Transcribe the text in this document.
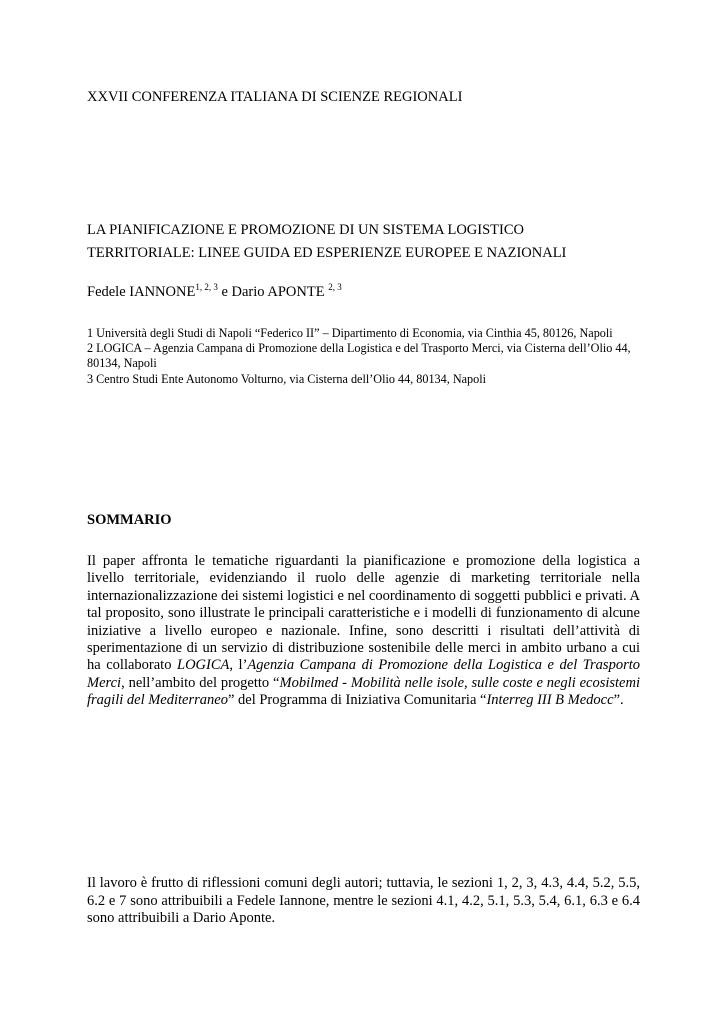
XXVII CONFERENZA ITALIANA DI SCIENZE REGIONALI

LA PIANIFICAZIONE E PROMOZIONE DI UN SISTEMA LOGISTICO
TERRITORIALE: LINEE GUIDA ED ESPERIENZE EUROPEE E NAZIONALI

Fedele IANNONE$^{1, 2, 3}$ e Dario APONTE $^{2, 3}$

1 Università degli Studi di Napoli “Federico II” – Dipartimento di Economia, via Cinthia 45, 80126, Napoli
2 LOGICA – Agenzia Campana di Promozione della Logistica e del Trasporto Merci, via Cisterna dell’Olio 44, 80134, Napoli
3 Centro Studi Ente Autonomo Volturno, via Cisterna dell’Olio 44, 80134, Napoli
SOMMARIO

Il paper affronta le tematiche riguardanti la pianificazione e promozione della logistica a livello territoriale, evidenziando il ruolo delle agenzie di marketing territoriale nella internazionalizzazione dei sistemi logistici e nel coordinamento di soggetti pubblici e privati. A tal proposito, sono illustrate le principali caratteristiche e i modelli di funzionamento di alcune iniziative a livello europeo e nazionale. Infine, sono descritti i risultati dell’attività di sperimentazione di un servizio di distribuzione sostenibile delle merci in ambito urbano a cui ha collaborato LOGICA, l’Agenzia Campana di Promozione della Logistica e del Trasporto Merci, nell’ambito del progetto “Mobilmed - Mobilità nelle isole, sulle coste e negli ecosistemi fragili del Mediterraneo” del Programma di Iniziativa Comunitaria “Interreg III B Medocc”.

Il lavoro è frutto di riflessioni comuni degli autori; tuttavia, le sezioni 1, 2, 3, 4.3, 4.4, 5.2, 5.5, 6.2 e 7 sono attribuibili a Fedele Iannone, mentre le sezioni 4.1, 4.2, 5.1, 5.3, 5.4, 6.1, 6.3 e 6.4 sono attribuibili a Dario Aponte.
